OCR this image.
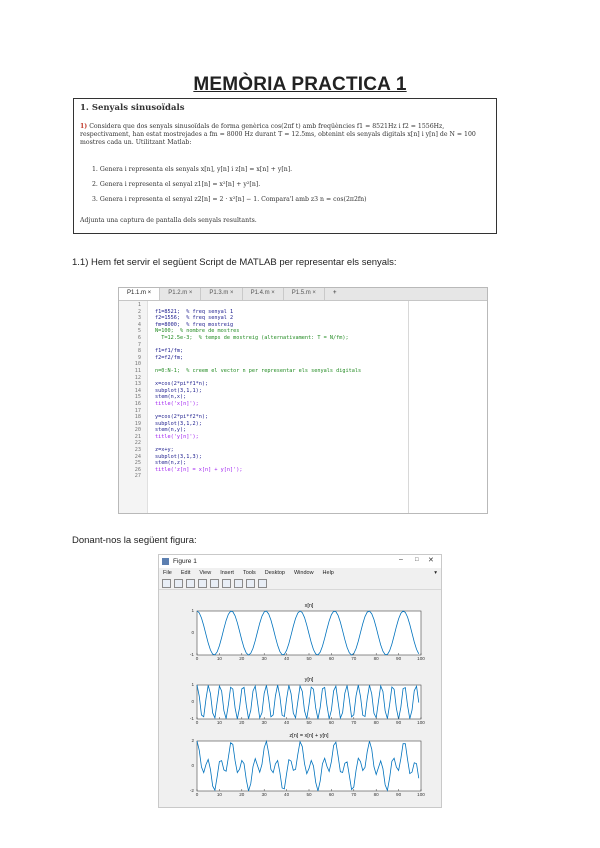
MEMÒRIA PRACTICA 1
1. Senyals sinusoïdals
1) Considera que dos senyals sinusoïdals de forma genèrica cos(2πf t) amb freqüències f1 = 8521Hz i f2 = 1556Hz, respectivament, han estat mostrejades a fm = 8000 Hz durant T = 12.5ms, obtenint els senyals digitals x[n] i y[n] de N = 100 mostres cada un. Utilitzant Matlab:
1. Genera i representa els senyals x[n], y[n] i z[n] = x[n] + y[n].
2. Genera i representa el senyal z1[n] = x²[n] + y²[n].
3. Genera i representa el senyal z2[n] = 2 · x²[n] − 1. Compara'l amb z3 n = cos(2π2fn)
Adjunta una captura de pantalla dels senyals resultants.
1.1) Hem fet servir el següent Script de MATLAB per representar els senyals:
P1.1.m ×	P1.2.m ×	P1.3.m ×	P1.4.m ×	P1.5.m ×	+
1
2	f1=8521;  % freq senyal 1
3	f2=1556;  % freq senyal 2
4	fm=8000;  % freq mostreig
5	N=100;  % nombre de mostres
6	T=12.5e-3;  % temps de mostreig (alternativament: T = N/fm);
7
8	f1=f1/fm;
9	f2=f2/fm;
10
11	n=0:N-1;  % creem el vector n per representar els senyals digitals
12
13	x=cos(2*pi*f1*n);
14	subplot(3,1,1);
15	stem(n,x);
16	title('x[n]');
17
18	y=cos(2*pi*f2*n);
19	subplot(3,1,2);
20	stem(n,y);
21	title('y[n]');
22
23	z=x+y;
24	subplot(3,1,3);
25	stem(n,z);
26	title('z[n] = x[n] + y[n]');
27
Donant-nos la següent figura:
Figure 1	– □ ✕
File Edit View Insert Tools Desktop Window Help	▾
0	10	20	30	40	50	60	70	80	90	100
1
0
-1
x[n]
0	10	20	30	40	50	60	70	80	90	100
1
0
-1
y[n]
0	10	20	30	40	50	60	70	80	90	100
2
0
-2
z[n] = x[n] + y[n]
